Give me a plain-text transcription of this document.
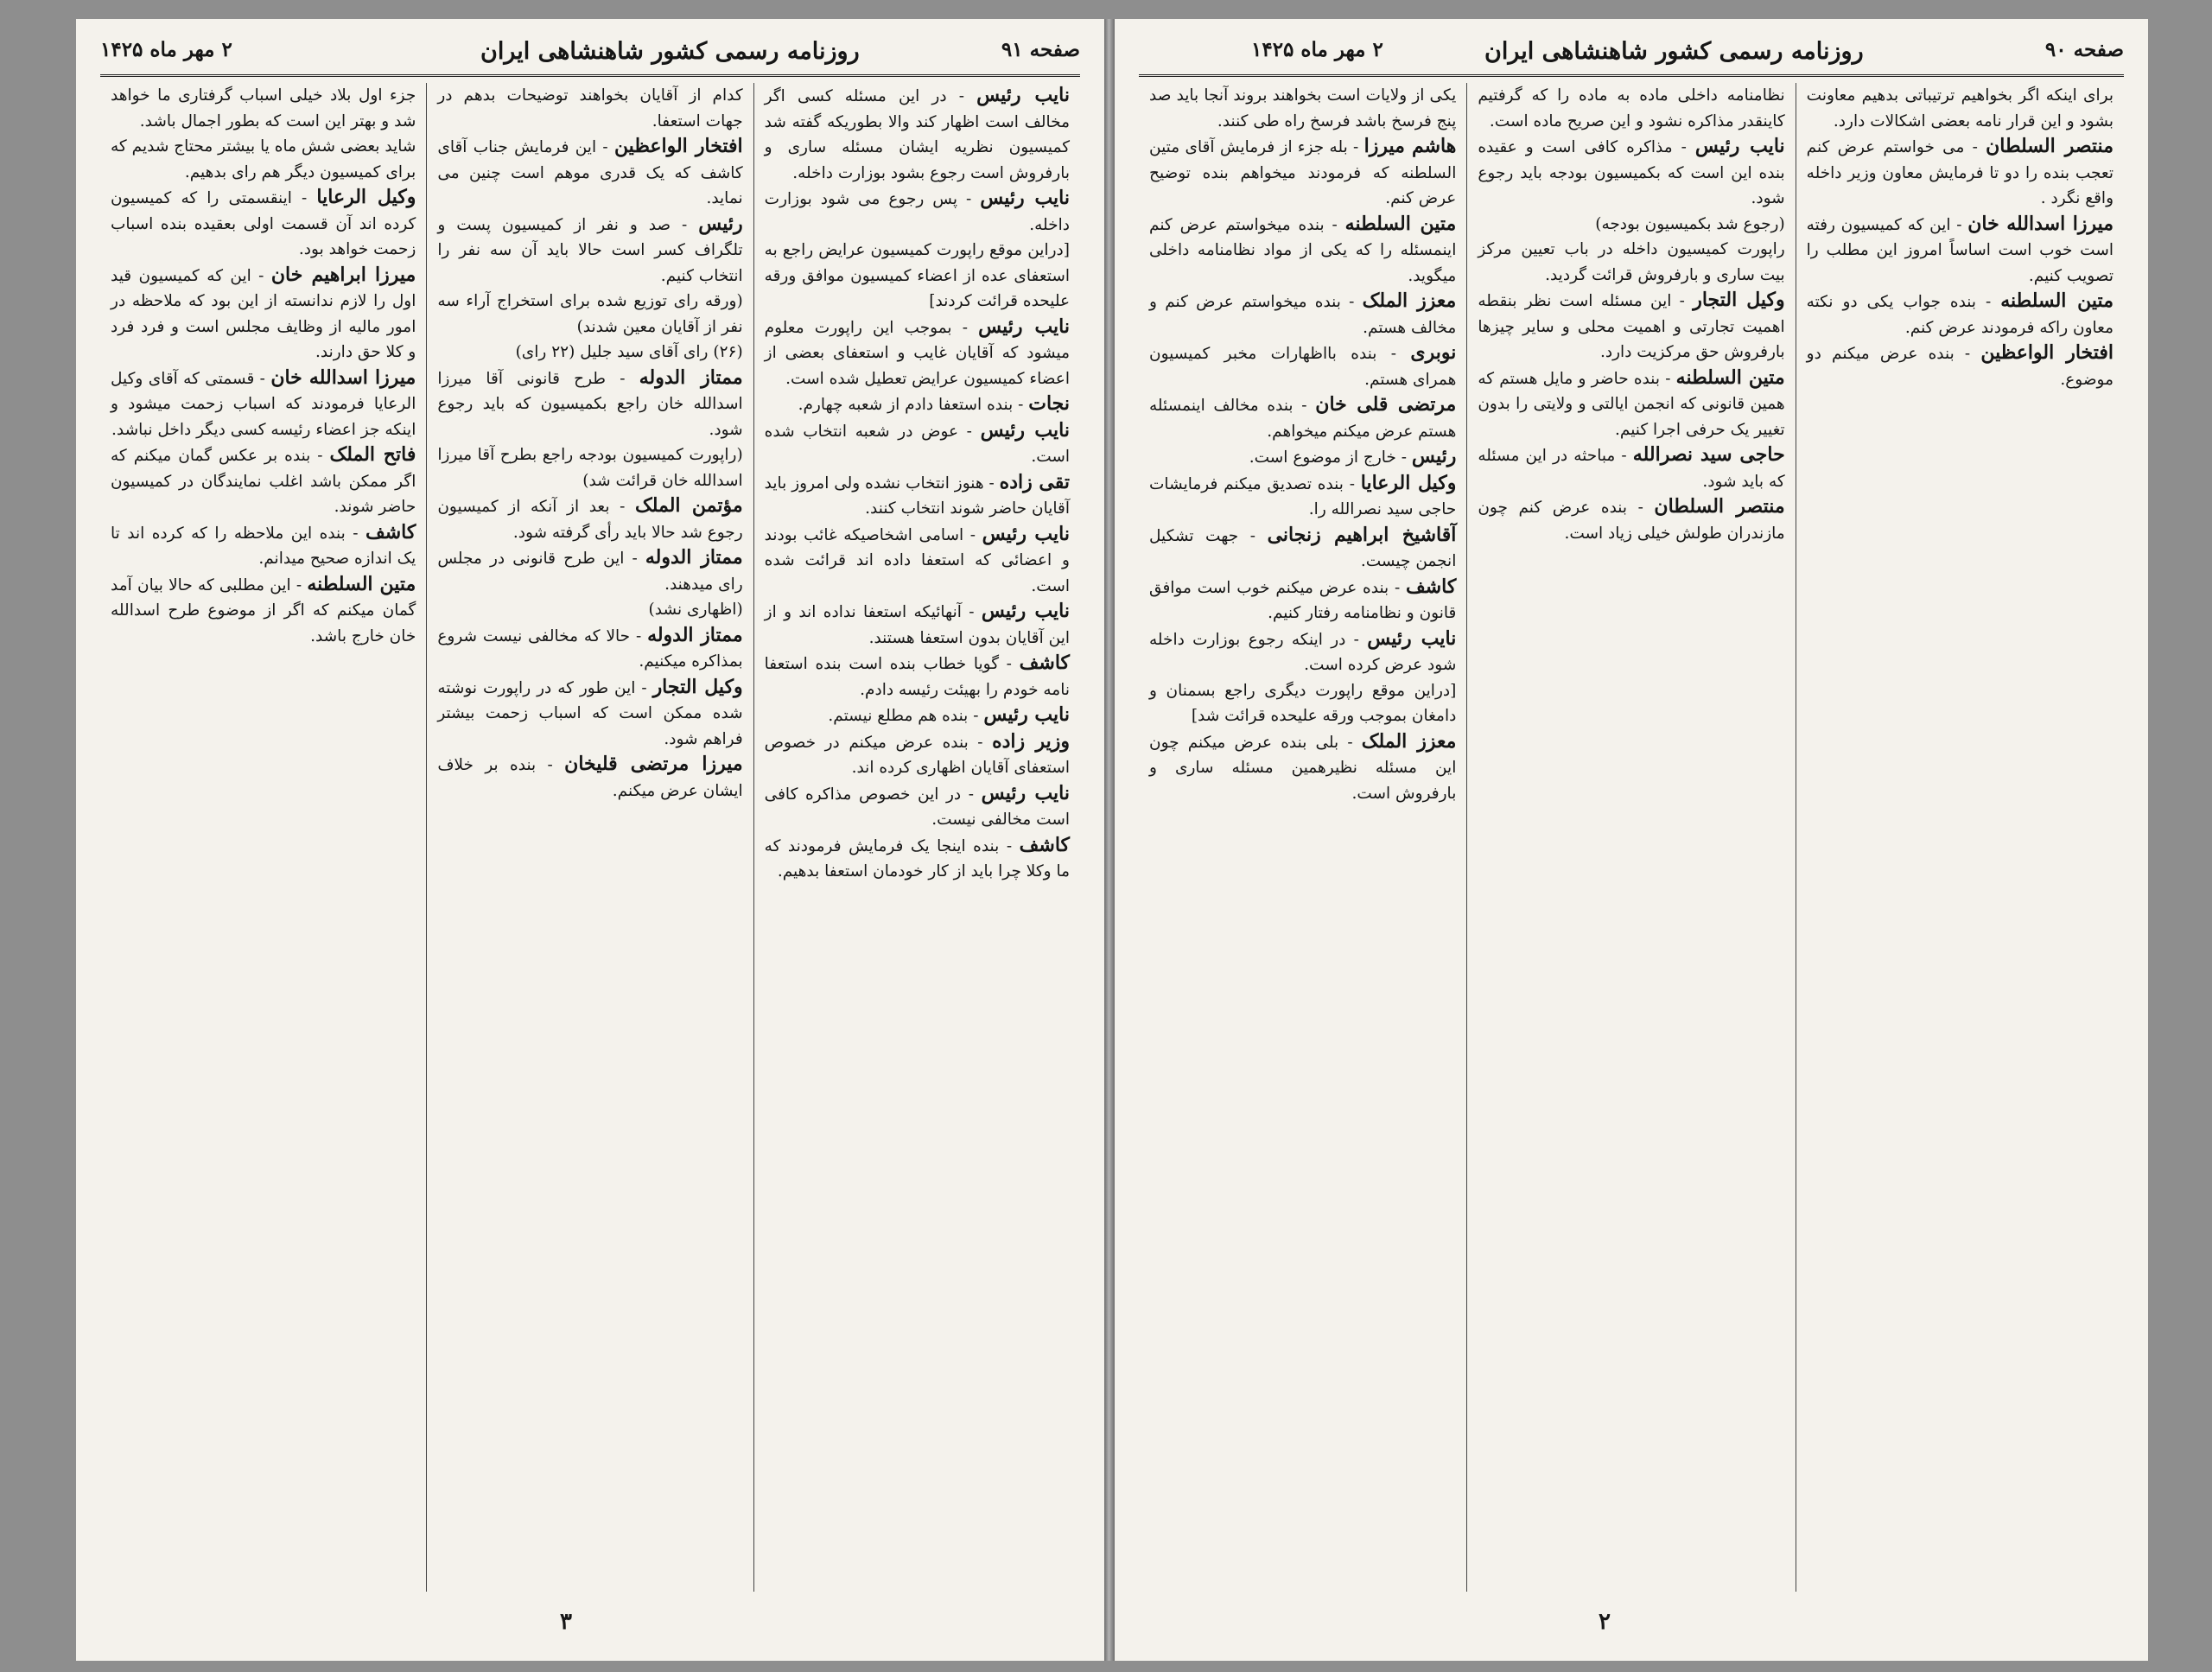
۲ مهر ماه ۱۴۲۵	روزنامه رسمی کشور شاهنشاهی ایران	صفحه ۹۱

نایب رئیس - در این مسئله کسی اگر مخالف است اظهار کند والا بطوریکه گفته شد کمیسیون نظریه ایشان مسئله ساری و بارفروش است رجوع بشود بوزارت داخله.

نایب رئیس - پس رجوع می شود بوزارت داخله.

[دراین موقع راپورت کمیسیون عرایض راجع به استعفای عده از اعضاء کمیسیون موافق ورقه علیحده قرائت کردند]

نایب رئیس - بموجب این راپورت معلوم میشود که آقایان غایب و استعفای بعضی از اعضاء کمیسیون عرایض تعطیل شده است.

نجات - بنده استعفا دادم از شعبه چهارم.

نایب رئیس - عوض در شعبه انتخاب شده است.

تقی زاده - هنوز انتخاب نشده ولی امروز باید آقایان حاضر شوند انتخاب کنند.

نایب رئیس - اسامی اشخاصیکه غائب بودند و اعضائی که استعفا داده اند قرائت شده است.

نایب رئیس - آنهائیکه استعفا نداده اند و از این آقایان بدون استعفا هستند.

کاشف - گویا خطاب بنده است بنده استعفا نامه خودم را بهیئت رئیسه دادم.

نایب رئیس - بنده هم مطلع نیستم.

وزیر زاده - بنده عرض میکنم در خصوص استعفای آقایان اظهاری کرده اند.

نایب رئیس - در این خصوص مذاکره کافی است مخالفی نیست.

کاشف - بنده اینجا یک فرمایش فرمودند که ما وکلا چرا باید از کار خودمان استعفا بدهیم.

کدام از آقایان بخواهند توضیحات بدهم در جهات استعفا.

افتخار الواعظین - این فرمایش جناب آقای کاشف که یک قدری موهم است چنین می نماید.

رئیس - صد و نفر از کمیسیون پست و تلگراف کسر است حالا باید آن سه نفر را انتخاب کنیم.

(ورقه رای توزیع شده برای استخراج آراء سه نفر از آقایان معین شدند)

(۲۶) رای آقای سید جلیل (۲۲ رای)

ممتاز الدوله - طرح قانونی آقا میرزا اسدالله خان راجع بکمیسیون که باید رجوع شود.

(راپورت کمیسیون بودجه راجع بطرح آقا میرزا اسدالله خان قرائت شد)

مؤتمن الملک - بعد از آنکه از کمیسیون رجوع شد حالا باید رأی گرفته شود.

ممتاز الدوله - این طرح قانونی در مجلس رای میدهند.

(اظهاری نشد)

ممتاز الدوله - حالا که مخالفی نیست شروع بمذاکره میکنیم.

وکیل التجار - این طور که در راپورت نوشته شده ممکن است که اسباب زحمت بیشتر فراهم شود.

میرزا مرتضی قلیخان - بنده بر خلاف ایشان عرض میکنم.

جزء اول بلاد خیلی اسباب گرفتاری ما خواهد شد و بهتر این است که بطور اجمال باشد.

شاید بعضی شش ماه یا بیشتر محتاج شدیم که برای کمیسیون دیگر هم رای بدهیم.

وکیل الرعایا - اینقسمتی را که کمیسیون کرده اند آن قسمت اولی بعقیده بنده اسباب زحمت خواهد بود.

میرزا ابراهیم خان - این که کمیسیون قید اول را لازم ندانسته از این بود که ملاحظه در امور مالیه از وظایف مجلس است و فرد فرد و کلا حق دارند.

میرزا اسدالله خان - قسمتی که آقای وکیل الرعایا فرمودند که اسباب زحمت میشود و اینکه جز اعضاء رئیسه کسی دیگر داخل نباشد.

فاتح الملک - بنده بر عکس گمان میکنم که اگر ممکن باشد اغلب نمایندگان در کمیسیون حاضر شوند.

کاشف - بنده این ملاحظه را که کرده اند تا یک اندازه صحیح میدانم.

متین السلطنه - این مطلبی که حالا بیان آمد گمان میکنم که اگر از موضوع طرح اسدالله خان خارج باشد.

۳
صفحه ۹۰
روزنامه رسمی کشور شاهنشاهی ایران
۲ مهر ماه ۱۴۲۵

برای اینکه اگر بخواهیم ترتیباتی بدهیم معاونت بشود و این قرار نامه بعضی اشکالات دارد.

منتصر السلطان - می خواستم عرض کنم تعجب بنده را دو تا فرمایش معاون وزیر داخله واقع نگرد .

میرزا اسدالله خان - این که کمیسیون رفته است خوب است اساساً امروز این مطلب را تصویب کنیم.

متین السلطنه - بنده جواب یکی دو نکته معاون راکه فرمودند عرض کنم.

افتخار الواعظین - بنده عرض میکنم دو موضوع.

نظامنامه داخلی ماده به ماده را که گرفتیم کاینقدر مذاکره نشود و این صریح ماده است.

نایب رئیس - مذاکره کافی است و عقیده بنده این است که بکمیسیون بودجه باید رجوع شود.

(رجوع شد بکمیسیون بودجه)

راپورت کمیسیون داخله در باب تعیین مرکز بیت ساری و بارفروش قرائت گردید.

وکیل التجار - این مسئله است نظر بنقطه اهمیت تجارتی و اهمیت محلی و سایر چیزها بارفروش حق مرکزیت دارد.

متین السلطنه - بنده حاضر و مایل هستم که همین قانونی که انجمن ایالتی و ولایتی را بدون تغییر یک حرفی اجرا کنیم.

حاجی سید نصرالله - مباحثه در این مسئله که باید شود.

منتصر السلطان - بنده عرض کنم چون مازندران طولش خیلی زیاد است.

یکی از ولایات است بخواهند بروند آنجا باید صد پنج فرسخ باشد فرسخ راه طی کنند.

هاشم میرزا - بله جزء از فرمایش آقای متین السلطنه که فرمودند میخواهم بنده توضیح عرض کنم.

متین السلطنه - بنده میخواستم عرض کنم اینمسئله را که یکی از مواد نظامنامه داخلی میگوید.

معزز الملک - بنده میخواستم عرض کنم و مخالف هستم.

نوبری - بنده بااظهارات مخبر کمیسیون همرای هستم.

مرتضی قلی خان - بنده مخالف اینمسئله هستم عرض میکنم میخواهم.

رئیس - خارج از موضوع است.

وکیل الرعایا - بنده تصدیق میکنم فرمایشات حاجی سید نصرالله را.

آقاشیخ ابراهیم زنجانی - جهت تشکیل انجمن چیست.

کاشف - بنده عرض میکنم خوب است موافق قانون و نظامنامه رفتار کنیم.

نایب رئیس - در اینکه رجوع بوزارت داخله شود عرض کرده است.

[دراین موقع راپورت دیگری راجع بسمنان و دامغان بموجب ورقه علیحده قرائت شد]

معزز الملک - بلی بنده عرض میکنم چون این مسئله نظیرهمین مسئله ساری و بارفروش است.

۲
